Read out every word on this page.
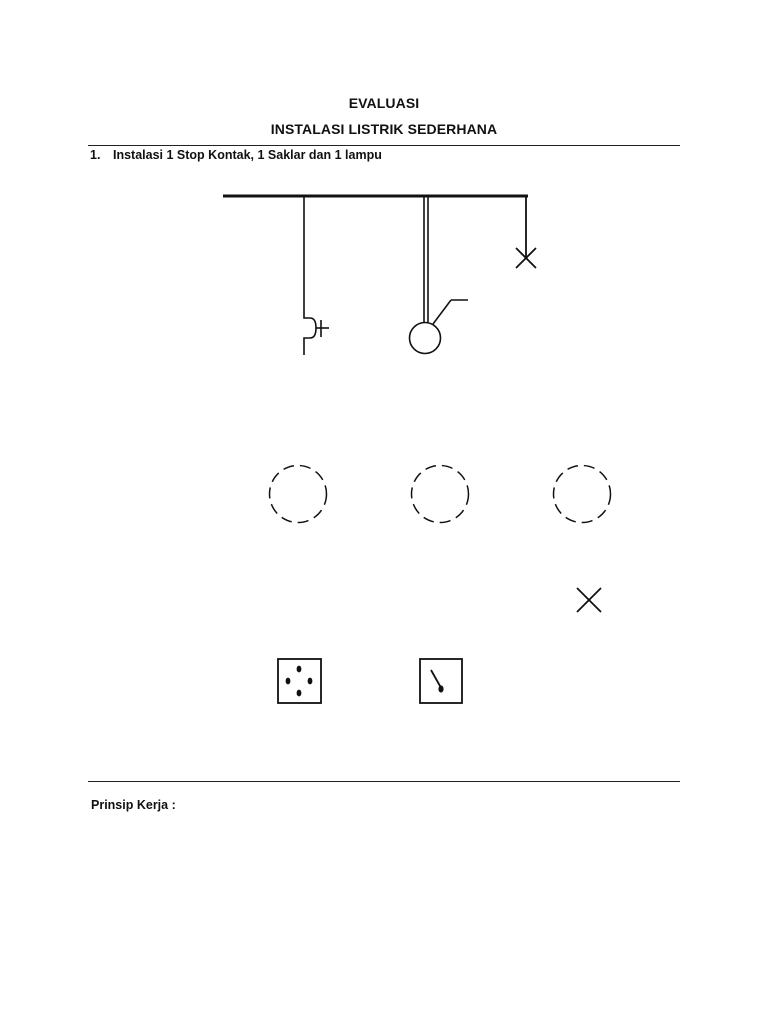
EVALUASI
INSTALASI LISTRIK SEDERHANA
1. Instalasi 1 Stop Kontak, 1 Saklar dan 1 lampu
Prinsip Kerja :
